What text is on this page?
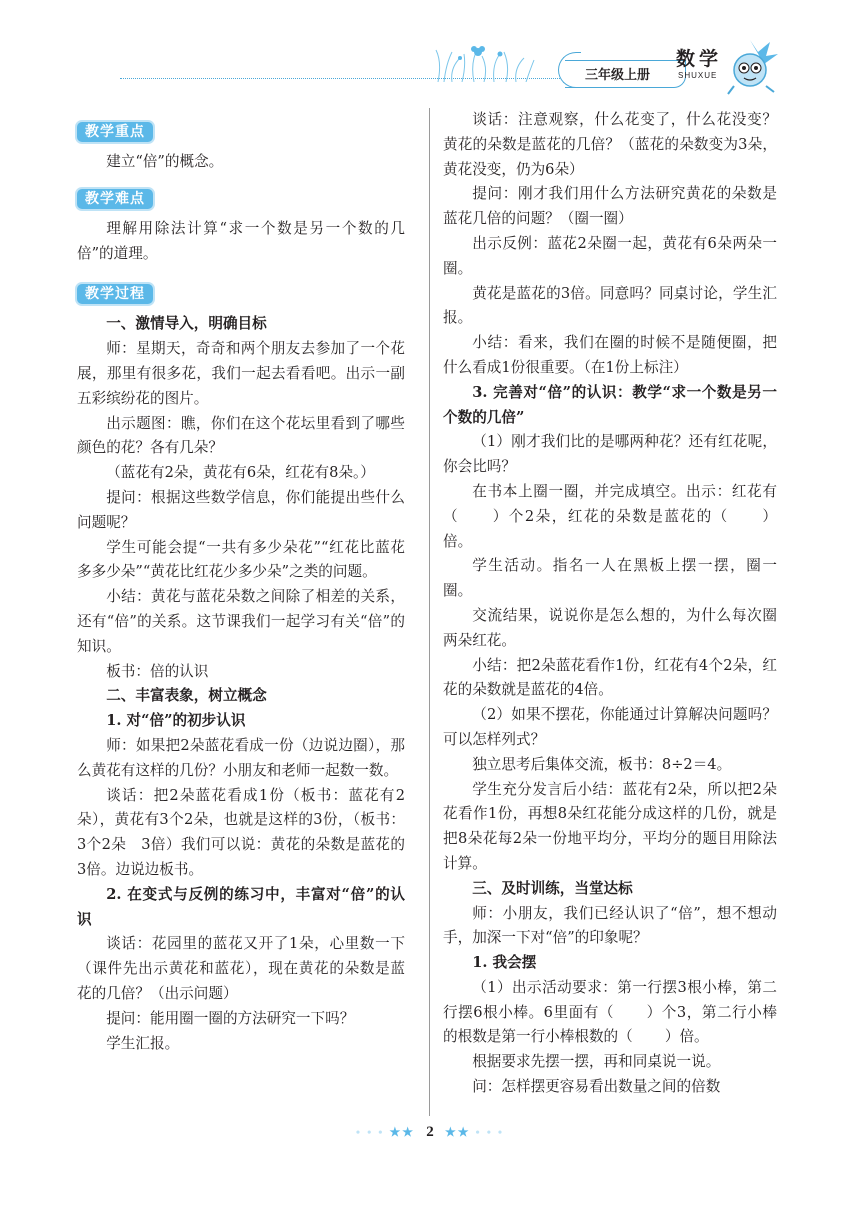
三年级上册
数学
SHUXUE
教学重点

建立“倍”的概念。

教学难点

理解用除法计算“求一个数是另一个数的几倍”的道理。

教学过程

一、激情导入，明确目标

师：星期天，奇奇和两个朋友去参加了一个花展，那里有很多花，我们一起去看看吧。出示一副五彩缤纷花的图片。

出示题图：瞧，你们在这个花坛里看到了哪些颜色的花？各有几朵？

（蓝花有2朵，黄花有6朵，红花有8朵。）

提问：根据这些数学信息，你们能提出些什么问题呢？

学生可能会提“一共有多少朵花”“红花比蓝花多多少朵”“黄花比红花少多少朵”之类的问题。

小结：黄花与蓝花朵数之间除了相差的关系，还有“倍”的关系。这节课我们一起学习有关“倍”的知识。

板书：倍的认识

二、丰富表象，树立概念

1. 对“倍”的初步认识

师：如果把2朵蓝花看成一份（边说边圈），那么黄花有这样的几份？小朋友和老师一起数一数。

谈话：把2朵蓝花看成1份（板书：蓝花有2朵），黄花有3个2朵，也就是这样的3份，（板书：3个2朵　3倍）我们可以说：黄花的朵数是蓝花的3倍。边说边板书。

2. 在变式与反例的练习中，丰富对“倍”的认识

谈话：花园里的蓝花又开了1朵，心里数一下（课件先出示黄花和蓝花），现在黄花的朵数是蓝花的几倍？（出示问题）

提问：能用圈一圈的方法研究一下吗？

学生汇报。

谈话：注意观察，什么花变了，什么花没变？黄花的朵数是蓝花的几倍？（蓝花的朵数变为3朵，黄花没变，仍为6朵）

提问：刚才我们用什么方法研究黄花的朵数是蓝花几倍的问题？（圈一圈）

出示反例：蓝花2朵圈一起，黄花有6朵两朵一圈。

黄花是蓝花的3倍。同意吗？同桌讨论，学生汇报。

小结：看来，我们在圈的时候不是随便圈，把什么看成1份很重要。（在1份上标注）

3. 完善对“倍”的认识：教学“求一个数是另一个数的几倍”

（1）刚才我们比的是哪两种花？还有红花呢，你会比吗？

在书本上圈一圈，并完成填空。出示：红花有（ ）个2朵，红花的朵数是蓝花的（ ）倍。

学生活动。指名一人在黑板上摆一摆，圈一圈。

交流结果，说说你是怎么想的，为什么每次圈两朵红花。

小结：把2朵蓝花看作1份，红花有4个2朵，红花的朵数就是蓝花的4倍。

（2）如果不摆花，你能通过计算解决问题吗？可以怎样列式？

独立思考后集体交流，板书：8÷2＝4。

学生充分发言后小结：蓝花有2朵，所以把2朵花看作1份，再想8朵红花能分成这样的几份，就是把8朵花每2朵一份地平均分，平均分的题目用除法计算。

三、及时训练，当堂达标

师：小朋友，我们已经认识了“倍”，想不想动手，加深一下对“倍”的印象呢？

1. 我会摆

（1）出示活动要求：第一行摆3根小棒，第二行摆6根小棒。6里面有（ ）个3，第二行小棒的根数是第一行小棒根数的（ ）倍。

根据要求先摆一摆，再和同桌说一说。

问：怎样摆更容易看出数量之间的倍数

• • • ★★ 2 ★★ • • •
